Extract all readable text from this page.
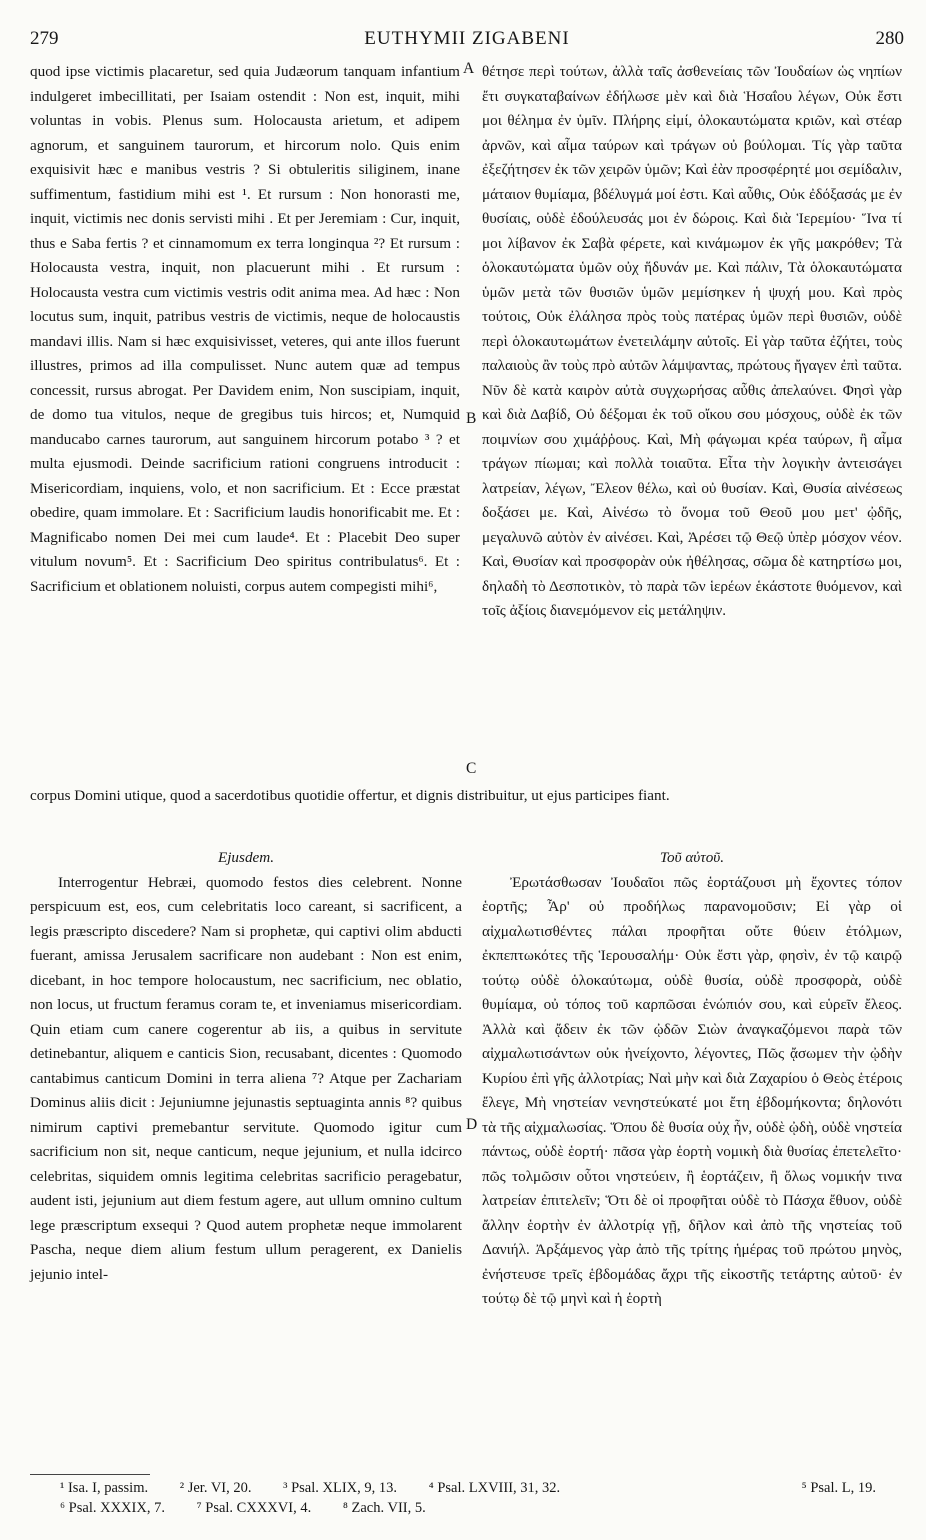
279	EUTHYMII ZIGABENI	280
A
B
C
D

quod ipse victimis placaretur, sed quia Judæorum tanquam infantium indulgeret imbecillitati, per Isaiam ostendit : Non est, inquit, mihi voluntas in vobis. Plenus sum. Holocausta arietum, et adipem agnorum, et sanguinem taurorum, et hircorum nolo. Quis enim exquisivit hæc e manibus vestris ? Si obtuleritis siliginem, inane suffimentum, fastidium mihi est ¹. Et rursum : Non honorasti me, inquit, victimis nec donis servisti mihi . Et per Jeremiam : Cur, inquit, thus e Saba fertis ? et cinnamomum ex terra longinqua ²? Et rursum : Holocausta vestra, inquit, non placuerunt mihi . Et rursum : Holocausta vestra cum victimis vestris odit anima mea. Ad hæc : Non locutus sum, inquit, patribus vestris de victimis, neque de holocaustis mandavi illis. Nam si hæc exquisivisset, veteres, qui ante illos fuerunt illustres, primos ad illa compulisset. Nunc autem quæ ad tempus concessit, rursus abrogat. Per Davidem enim, Non suscipiam, inquit, de domo tua vitulos, neque de gregibus tuis hircos; et, Numquid manducabo carnes taurorum, aut sanguinem hircorum potabo ³ ? et multa ejusmodi. Deinde sacrificium rationi congruens introducit : Misericordiam, inquiens, volo, et non sacrificium. Et : Ecce præstat obedire, quam immolare. Et : Sacrificium laudis honorificabit me. Et : Magnificabo nomen Dei mei cum laude⁴. Et : Placebit Deo super vitulum novum⁵. Et : Sacrificium Deo spiritus contribulatus⁶. Et : Sacrificium et oblationem noluisti, corpus autem compegisti mihi⁶,

θέτησε περὶ τούτων, ἀλλὰ ταῖς ἀσθενείαις τῶν Ἰουδαίων ὡς νηπίων ἔτι συγκαταβαίνων ἐδήλωσε μὲν καὶ διὰ Ἡσαΐου λέγων, Οὐκ ἔστι μοι θέλημα ἐν ὑμῖν. Πλήρης εἰμί, ὁλοκαυτώματα κριῶν, καὶ στέαρ ἀρνῶν, καὶ αἷμα ταύρων καὶ τράγων οὐ βούλομαι. Τίς γὰρ ταῦτα ἐξεζήτησεν ἐκ τῶν χειρῶν ὑμῶν; Καὶ ἐὰν προσφέρητέ μοι σεμίδαλιν, μάταιον θυμίαμα, βδέλυγμά μοί ἐστι. Καὶ αὖθις, Οὐκ ἐδόξασάς με ἐν θυσίαις, οὐδὲ ἐδούλευσάς μοι ἐν δώροις. Καὶ διὰ Ἱερεμίου· Ἵνα τί μοι λίβανον ἐκ Σαβὰ φέρετε, καὶ κινάμωμον ἐκ γῆς μακρόθεν; Τὰ ὁλοκαυτώματα ὑμῶν οὐχ ἥδυνάν με. Καὶ πάλιν, Τὰ ὁλοκαυτώματα ὑμῶν μετὰ τῶν θυσιῶν ὑμῶν μεμίσηκεν ἡ ψυχή μου. Καὶ πρὸς τούτοις, Οὐκ ἐλάλησα πρὸς τοὺς πατέρας ὑμῶν περὶ θυσιῶν, οὐδὲ περὶ ὁλοκαυτωμάτων ἐνετειλάμην αὐτοῖς. Εἰ γὰρ ταῦτα ἐζήτει, τοὺς παλαιοὺς ἂν τοὺς πρὸ αὐτῶν λάμψαντας, πρώτους ἤγαγεν ἐπὶ ταῦτα. Νῦν δὲ κατὰ καιρὸν αὐτὰ συγχωρήσας αὖθις ἀπελαύνει. Φησὶ γὰρ καὶ διὰ Δαβίδ, Οὐ δέξομαι ἐκ τοῦ οἴκου σου μόσχους, οὐδὲ ἐκ τῶν ποιμνίων σου χιμάῤῥους. Καὶ, Μὴ φάγωμαι κρέα ταύρων, ἢ αἷμα τράγων πίωμαι; καὶ πολλὰ τοιαῦτα. Εἶτα τὴν λογικὴν ἀντεισάγει λατρείαν, λέγων, Ἔλεον θέλω, καὶ οὐ θυσίαν. Καὶ, Θυσία αἰνέσεως δοξάσει με. Καὶ, Αἰνέσω τὸ ὄνομα τοῦ Θεοῦ μου μετ' ᾠδῆς, μεγαλυνῶ αὐτὸν ἐν αἰνέσει. Καὶ, Ἀρέσει τῷ Θεῷ ὑπὲρ μόσχον νέον. Καὶ, Θυσίαν καὶ προσφορὰν οὐκ ἠθέλησας, σῶμα δὲ κατηρτίσω μοι, δηλαδὴ τὸ Δεσποτικὸν, τὸ παρὰ τῶν ἱερέων ἑκάστοτε θυόμενον, καὶ τοῖς ἀξίοις διανεμόμενον εἰς μετάληψιν.

corpus Domini utique, quod a sacerdotibus quotidie offertur, et dignis distribuitur, ut ejus participes fiant.

Ejusdem.

Interrogentur Hebræi, quomodo festos dies celebrent. Nonne perspicuum est, eos, cum celebritatis loco careant, si sacrificent, a legis præscripto discedere? Nam si prophetæ, qui captivi olim abducti fuerant, amissa Jerusalem sacrificare non audebant : Non est enim, dicebant, in hoc tempore holocaustum, nec sacrificium, nec oblatio, non locus, ut fructum feramus coram te, et inveniamus misericordiam. Quin etiam cum canere cogerentur ab iis, a quibus in servitute detinebantur, aliquem e canticis Sion, recusabant, dicentes : Quomodo cantabimus canticum Domini in terra aliena ⁷? Atque per Zachariam Dominus aliis dicit : Jejuniumne jejunastis septuaginta annis ⁸? quibus nimirum captivi premebantur servitute. Quomodo igitur cum sacrificium non sit, neque canticum, neque jejunium, et nulla idcirco celebritas, siquidem omnis legitima celebritas sacrificio peragebatur, audent isti, jejunium aut diem festum agere, aut ullum omnino cultum lege præscriptum exsequi ? Quod autem prophetæ neque immolarent Pascha, neque diem alium festum ullum peragerent, ex Danielis jejunio intel-

Τοῦ αὐτοῦ.

Ἐρωτάσθωσαν Ἰουδαῖοι πῶς ἑορτάζουσι μὴ ἔχοντες τόπον ἑορτῆς; Ἆρ' οὐ προδήλως παρανομοῦσιν; Εἰ γὰρ οἱ αἰχμαλωτισθέντες πάλαι προφῆται οὔτε θύειν ἐτόλμων, ἐκπεπτωκότες τῆς Ἱερουσαλήμ· Οὐκ ἔστι γὰρ, φησὶν, ἐν τῷ καιρῷ τούτῳ οὐδὲ ὁλοκαύτωμα, οὐδὲ θυσία, οὐδὲ προσφορὰ, οὐδὲ θυμίαμα, οὐ τόπος τοῦ καρπῶσαι ἐνώπιόν σου, καὶ εὑρεῖν ἔλεος. Ἀλλὰ καὶ ᾄδειν ἐκ τῶν ᾠδῶν Σιὼν ἀναγκαζόμενοι παρὰ τῶν αἰχμαλωτισάντων οὐκ ἠνείχοντο, λέγοντες, Πῶς ᾄσωμεν τὴν ᾠδὴν Κυρίου ἐπὶ γῆς ἀλλοτρίας; Ναὶ μὴν καὶ διὰ Ζαχαρίου ὁ Θεὸς ἑτέροις ἔλεγε, Μὴ νηστείαν νενηστεύκατέ μοι ἔτη ἑβδομήκοντα; δηλονότι τὰ τῆς αἰχμαλωσίας. Ὅπου δὲ θυσία οὐχ ἦν, οὐδὲ ᾠδὴ, οὐδὲ νηστεία πάντως, οὐδὲ ἑορτή· πᾶσα γὰρ ἑορτὴ νομικὴ διὰ θυσίας ἐπετελεῖτο· πῶς τολμῶσιν οὗτοι νηστεύειν, ἢ ἑορτάζειν, ἢ ὅλως νομικήν τινα λατρείαν ἐπιτελεῖν; Ὅτι δὲ οἱ προφῆται οὐδὲ τὸ Πάσχα ἔθυον, οὐδὲ ἄλλην ἑορτὴν ἐν ἀλλοτρίᾳ γῇ, δῆλον καὶ ἀπὸ τῆς νηστείας τοῦ Δανιήλ. Ἀρξάμενος γὰρ ἀπὸ τῆς τρίτης ἡμέρας τοῦ πρώτου μηνὸς, ἐνήστευσε τρεῖς ἑβδομάδας ἄχρι τῆς εἰκοστῆς τετάρτης αὐτοῦ· ἐν τούτῳ δὲ τῷ μηνὶ καὶ ἡ ἑορτὴ

¹ Isa. I, passim. ² Jer. VI, 20. ³ Psal. XLIX, 9, 13. ⁴ Psal. LXVIII, 31, 32.	⁵ Psal. L, 19.
⁶ Psal. XXXIX, 7. ⁷ Psal. CXXXVI, 4. ⁸ Zach. VII, 5.
